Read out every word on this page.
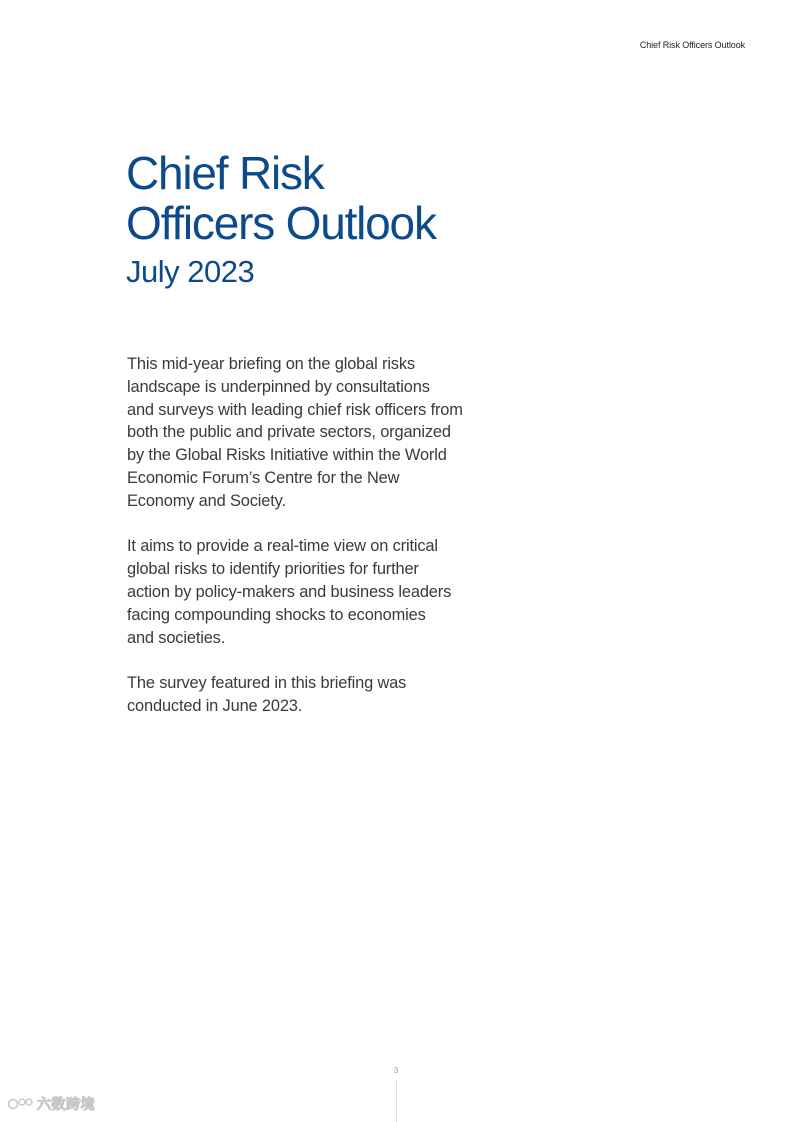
Chief Risk Officers Outlook
Chief Risk
Officers Outlook
July 2023

This mid-year briefing on the global risks
landscape is underpinned by consultations
and surveys with leading chief risk officers from
both the public and private sectors, organized
by the Global Risks Initiative within the World
Economic Forum’s Centre for the New
Economy and Society.

It aims to provide a real-time view on critical
global risks to identify priorities for further
action by policy-makers and business leaders
facing compounding shocks to economies
and societies.

The survey featured in this briefing was
conducted in June 2023.

3
六数跨境
